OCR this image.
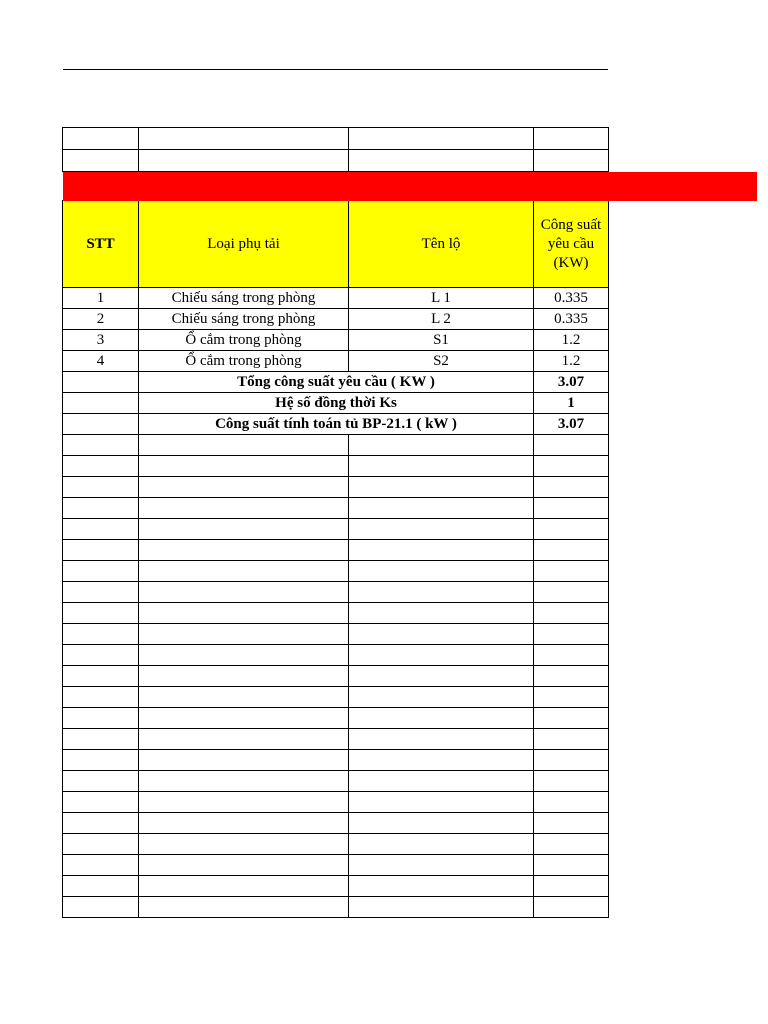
STT	Loại phụ tải	Tên lộ	Công suất yêu cầu (KW)
1	Chiếu sáng trong phòng	L 1	0.335
2	Chiếu sáng trong phòng	L 2	0.335
3	Ổ cắm trong phòng	S1	1.2
4	Ổ cắm trong phòng	S2	1.2
	Tổng công suất yêu cầu ( KW )		3.07
	Hệ số đồng thời Ks		1
	Công suất tính toán tủ BP-21.1 ( kW )		3.07
